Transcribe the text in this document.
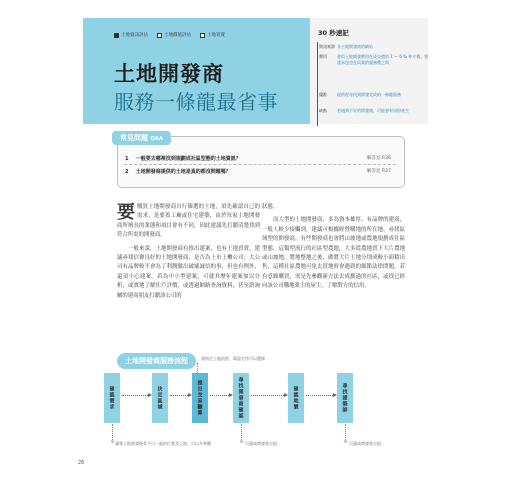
土地資訊評估	土地價值評估	土地買賣
土地開發商
服務一條龍最省事
30 秒速記
資訊來源 各土地開發商的網站
費用	會員土地開發費用在成交價的 1 ～ 6 % 仲介費，營建承包也在同業的服務費之間
優點	提供從尋找到開發完成的一條龍服務
缺點	若遇到不好的開發商，可能會有糾紛產生
常見問題 Q&A
1 一般要去哪裡找到規劃成社區型態的土地資訊？	解答見 P.26
2 土地開發商提供的土地是真的都沒問題嗎？	解答見 P.27

要購買土地開發商自行篩選的土地，須先確認自己的需求，是要蓋工廠或住宅建築，由於每家土地開發商所擅長的業態和項目會有不同，因此建議先打聽清楚找到符合所需的開發商。

一般來說，土地開發商有推出建案，也有土地買賣，建議尋找信譽良好的土地開發商，是否為上市上櫃公司；大公司有品牌較不會為了利潤做出破壞誠信的事，但也有例外，還須小心建案。若為中小型建案，可就其歷年建案加以分析，或實地了解住戶評價，或透過網路查詢資料，甚至諮詢屬的建商朋友打聽該公司的

狀態。

而大型的土地開發商，多為資本雄厚、有品牌的建商，一般人較少接觸到，建議可根據經營購地的所在地，尋找區域型的開發商。有些開發商也會將山坡地或農地規劃成社區型態，這類型流行的社區型農地，大多從農地買下大片農地或山坡地，將地整地之後，做將大片土地分別成較小面積出售，這種社區農地可免去買地時會遇到的細節法律問題，若有意願購買，需是先參觀新方法去成劃過的社區，或找已經向該公司購地業主的屋主，了解對方的信用。

土地開發商服務流程	專指定土地流程，藉認定符可以選擇
確認需求	決定區域	提出交易驗算	尋找開發商確認	確認地號	尋找建築師
讓專土地開發後有不只一處的位置及土地，可以多參觀	可選或開發商合組	可選或開發商合組
26
